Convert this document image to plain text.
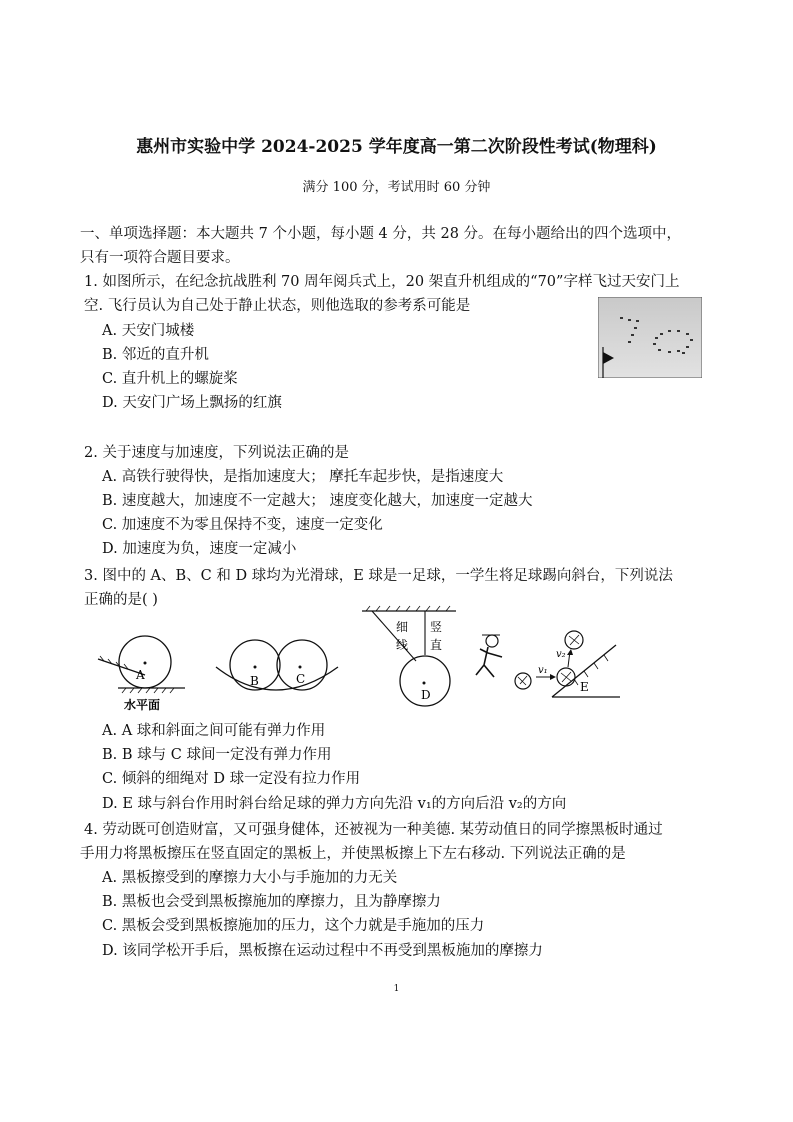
惠州市实验中学 2024-2025 学年度高一第二次阶段性考试(物理科)
满分 100 分，考试用时 60 分钟
一、单项选择题：本大题共 7 个小题，每小题 4 分，共 28 分。在每小题给出的四个选项中，
只有一项符合题目要求。
1. 如图所示，在纪念抗战胜利 70 周年阅兵式上，20 架直升机组成的“70”字样飞过天安门上
空. 飞行员认为自己处于静止状态，则他选取的参考系可能是
A. 天安门城楼
B. 邻近的直升机
C. 直升机上的螺旋桨
D. 天安门广场上飘扬的红旗
2. 关于速度与加速度，下列说法正确的是
A. 高铁行驶得快，是指加速度大； 摩托车起步快，是指速度大
B. 速度越大，加速度不一定越大； 速度变化越大，加速度一定越大
C. 加速度不为零且保持不变，速度一定变化
D. 加速度为负，速度一定减小
3. 图中的 A、B、C 和 D 球均为光滑球，E 球是一足球，一学生将足球踢向斜台，下列说法
正确的是( )
A
水平面
B	C
D
细
线
竖
直
v₁
v₂
E
A. A 球和斜面之间可能有弹力作用
B. B 球与 C 球间一定没有弹力作用
C. 倾斜的细绳对 D 球一定没有拉力作用
D. E 球与斜台作用时斜台给足球的弹力方向先沿 v₁的方向后沿 v₂的方向
4. 劳动既可创造财富，又可强身健体，还被视为一种美德. 某劳动值日的同学擦黑板时通过
手用力将黑板擦压在竖直固定的黑板上，并使黑板擦上下左右移动. 下列说法正确的是
A. 黑板擦受到的摩擦力大小与手施加的力无关
B. 黑板也会受到黑板擦施加的摩擦力，且为静摩擦力
C. 黑板会受到黑板擦施加的压力，这个力就是手施加的压力
D. 该同学松开手后，黑板擦在运动过程中不再受到黑板施加的摩擦力
1
